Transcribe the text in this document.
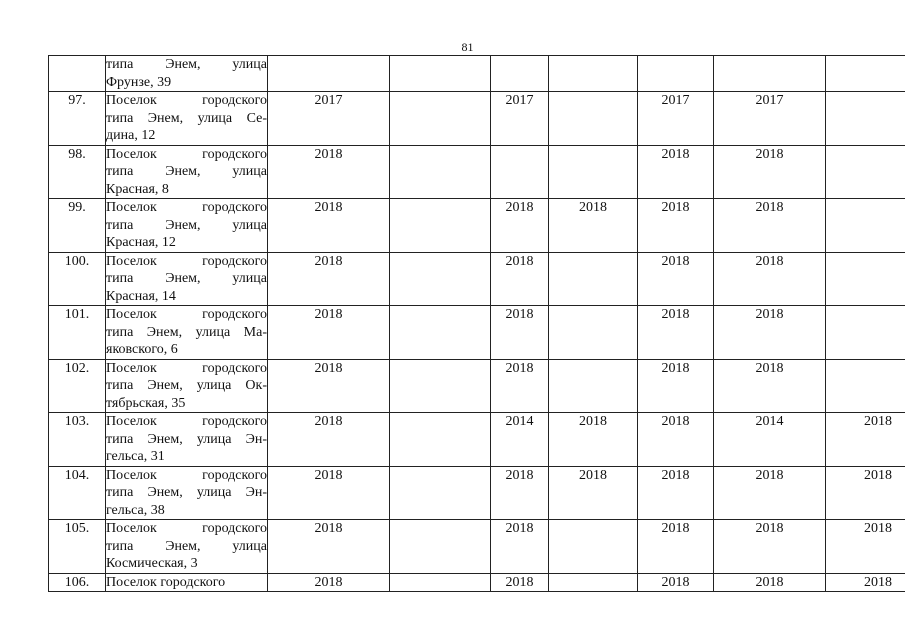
81

	типа Энем, улица
Фрунзе, 39							

97.	Поселок городского
типа Энем, улица Се-
дина, 12	2017		2017		2017	2017	
98.	Поселок городского
типа Энем, улица
Красная, 8	2018				2018	2018	
99.	Поселок городского
типа Энем, улица
Красная, 12	2018		2018	2018	2018	2018	
100.	Поселок городского
типа Энем, улица
Красная, 14	2018		2018		2018	2018	
101.	Поселок городского
типа Энем, улица Ма-
яковского, 6	2018		2018		2018	2018	
102.	Поселок городского
типа Энем, улица Ок-
тябрьская, 35	2018		2018		2018	2018	
103.	Поселок городского
типа Энем, улица Эн-
гельса, 31	2018		2014	2018	2018	2014	2018
104.	Поселок городского
типа Энем, улица Эн-
гельса, 38	2018		2018	2018	2018	2018	2018
105.	Поселок городского
типа Энем, улица
Космическая, 3	2018		2018		2018	2018	2018
106.	Поселок городского	2018		2018		2018	2018	2018
